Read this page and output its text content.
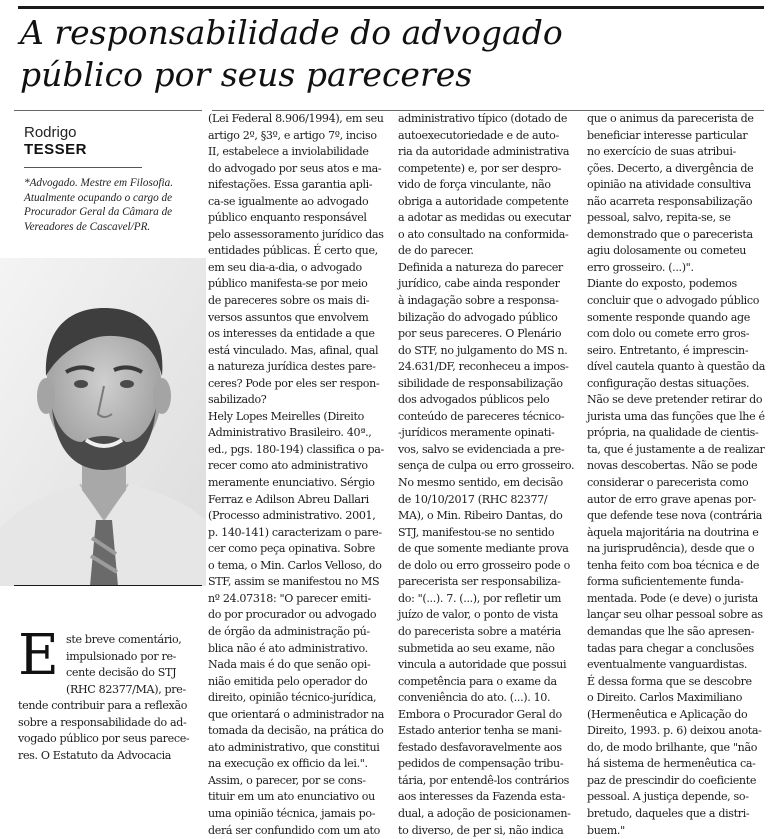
A responsabilidade do advogado
público por seus pareceres
Rodrigo
TESSER
*Advogado. Mestre em Filosofia.
Atualmente ocupando o cargo de
Procurador Geral da Câmara de
Vereadores de Cascavel/PR.
E ste breve comentário,
impulsionado por re-
cente decisão do STJ
(RHC 82377/MA), pre-
tende contribuir para a reflexão
sobre a responsabilidade do ad-
vogado público por seus parece-
res. O Estatuto da Advocacia
(Lei Federal 8.906/1994), em seu
artigo 2º, §3º, e artigo 7º, inciso
II, estabelece a inviolabilidade
do advogado por seus atos e ma-
nifestações. Essa garantia apli-
ca-se igualmente ao advogado
público enquanto responsável
pelo assessoramento jurídico das
entidades públicas. É certo que,
em seu dia-a-dia, o advogado
público manifesta-se por meio
de pareceres sobre os mais di-
versos assuntos que envolvem
os interesses da entidade a que
está vinculado. Mas, afinal, qual
a natureza jurídica destes pare-
ceres? Pode por eles ser respon-
sabilizado?
Hely Lopes Meirelles (Direito
Administrativo Brasileiro. 40ª.,
ed., pgs. 180-194) classifica o pa-
recer como ato administrativo
meramente enunciativo. Sérgio
Ferraz e Adilson Abreu Dallari
(Processo administrativo. 2001,
p. 140-141) caracterizam o pare-
cer como peça opinativa. Sobre
o tema, o Min. Carlos Velloso, do
STF, assim se manifestou no MS
nº 24.07318: "O parecer emiti-
do por procurador ou advogado
de órgão da administração pú-
blica não é ato administrativo.
Nada mais é do que senão opi-
nião emitida pelo operador do
direito, opinião técnico-jurídica,
que orientará o administrador na
tomada da decisão, na prática do
ato administrativo, que constitui
na execução ex officio da lei.".
Assim, o parecer, por se cons-
tituir em um ato enunciativo ou
uma opinião técnica, jamais po-
derá ser confundido com um ato
administrativo típico (dotado de
autoexecutoriedade e de auto-
ria da autoridade administrativa
competente) e, por ser despro-
vido de força vinculante, não
obriga a autoridade competente
a adotar as medidas ou executar
o ato consultado na conformida-
de do parecer.
Definida a natureza do parecer
jurídico, cabe ainda responder
à indagação sobre a responsa-
bilização do advogado público
por seus pareceres. O Plenário
do STF, no julgamento do MS n.
24.631/DF, reconheceu a impos-
sibilidade de responsabilização
dos advogados públicos pelo
conteúdo de pareceres técnico-
-jurídicos meramente opinati-
vos, salvo se evidenciada a pre-
sença de culpa ou erro grosseiro.
No mesmo sentido, em decisão
de 10/10/2017 (RHC 82377/
MA), o Min. Ribeiro Dantas, do
STJ, manifestou-se no sentido
de que somente mediante prova
de dolo ou erro grosseiro pode o
parecerista ser responsabiliza-
do: "(...). 7. (...), por refletir um
juízo de valor, o ponto de vista
do parecerista sobre a matéria
submetida ao seu exame, não
vincula a autoridade que possui
competência para o exame da
conveniência do ato. (...). 10.
Embora o Procurador Geral do
Estado anterior tenha se mani-
festado desfavoravelmente aos
pedidos de compensação tribu-
tária, por entendê-los contrários
aos interesses da Fazenda esta-
dual, a adoção de posicionamen-
to diverso, de per si, não indica
que o animus da parecerista de
beneficiar interesse particular
no exercício de suas atribui-
ções. Decerto, a divergência de
opinião na atividade consultiva
não acarreta responsabilização
pessoal, salvo, repita-se, se
demonstrado que o parecerista
agiu dolosamente ou cometeu
erro grosseiro. (...)".
Diante do exposto, podemos
concluir que o advogado público
somente responde quando age
com dolo ou comete erro gros-
seiro. Entretanto, é imprescin-
dível cautela quanto à questão da
configuração destas situações.
Não se deve pretender retirar do
jurista uma das funções que lhe é
própria, na qualidade de cientis-
ta, que é justamente a de realizar
novas descobertas. Não se pode
considerar o parecerista como
autor de erro grave apenas por-
que defende tese nova (contrária
àquela majoritária na doutrina e
na jurisprudência), desde que o
tenha feito com boa técnica e de
forma suficientemente funda-
mentada. Pode (e deve) o jurista
lançar seu olhar pessoal sobre as
demandas que lhe são apresen-
tadas para chegar a conclusões
eventualmente vanguardistas.
É dessa forma que se descobre
o Direito. Carlos Maximiliano
(Hermenêutica e Aplicação do
Direito, 1993. p. 6) deixou anota-
do, de modo brilhante, que "não
há sistema de hermenêutica ca-
paz de prescindir do coeficiente
pessoal. A justiça depende, so-
bretudo, daqueles que a distri-
buem."
